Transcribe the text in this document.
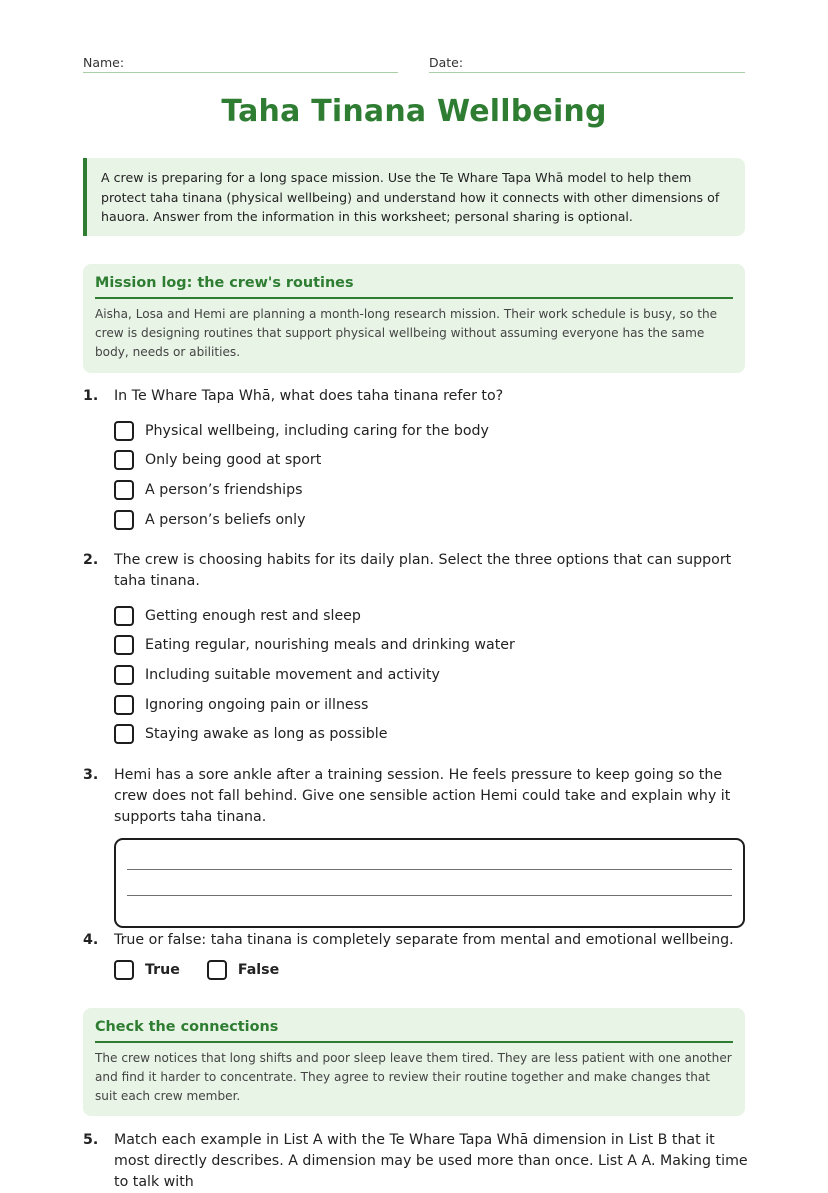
Name:	Date:
Taha Tinana Wellbeing
A crew is preparing for a long space mission. Use the Te Whare Tapa Whā model to help them protect taha tinana (physical wellbeing) and understand how it connects with other dimensions of hauora. Answer from the information in this worksheet; personal sharing is optional.
Mission log: the crew's routines

Aisha, Losa and Hemi are planning a month-long research mission. Their work schedule is busy, so the crew is designing routines that support physical wellbeing without assuming everyone has the same body, needs or abilities.

1.	In Te Whare Tapa Whā, what does taha tinana refer to?
Physical wellbeing, including caring for the body
Only being good at sport
A person’s friendships
A person’s beliefs only
2.	The crew is choosing habits for its daily plan. Select the three options that can support taha tinana.
Getting enough rest and sleep
Eating regular, nourishing meals and drinking water
Including suitable movement and activity
Ignoring ongoing pain or illness
Staying awake as long as possible
3.	Hemi has a sore ankle after a training session. He feels pressure to keep going so the crew does not fall behind. Give one sensible action Hemi could take and explain why it supports taha tinana.
4.	True or false: taha tinana is completely separate from mental and emotional wellbeing.
True	False
Check the connections

The crew notices that long shifts and poor sleep leave them tired. They are less patient with one another and find it harder to concentrate. They agree to review their routine together and make changes that suit each crew member.

5.	Match each example in List A with the Te Whare Tapa Whā dimension in List B that it most directly describes. A dimension may be used more than once. List A A. Making time to talk with
